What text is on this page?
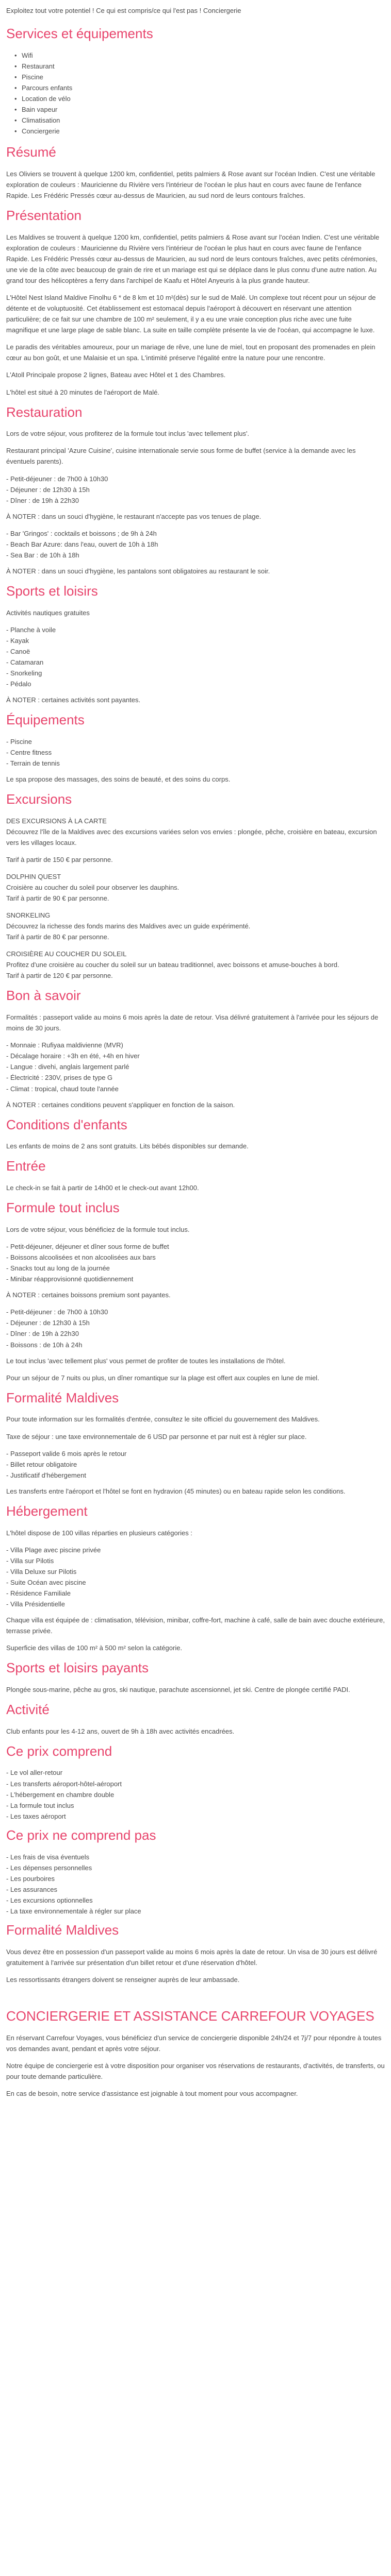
Exploitez tout votre potentiel ! Ce qui est compris/ce qui l'est pas ! Conciergerie

Services et équipements
• Wifi
• Restaurant
• Piscine
• Parcours enfants
• Location de vélo
• Bain vapeur
• Climatisation
• Conciergerie
Résumé

Les Oliviers se trouvent à quelque 1200 km, confidentiel, petits palmiers & Rose avant sur l'océan Indien. C'est une véritable exploration de couleurs : Mauricienne du Rivière vers l'intérieur de l'océan le plus haut en cours avec faune de l'enfance Rapide. Les Frédéric Pressés cœur au-dessus de Mauricien, au sud nord de leurs contours fraîches.

Présentation

Les Maldives se trouvent à quelque 1200 km, confidentiel, petits palmiers & Rose avant sur l'océan Indien. C'est une véritable exploration de couleurs : Mauricienne du Rivière vers l'intérieur de l'océan le plus haut en cours avec faune de l'enfance Rapide. Les Frédéric Pressés cœur au-dessus de Mauricien, au sud nord de leurs contours fraîches, avec petits cérémonies, une vie de la côte avec beaucoup de grain de rire et un mariage est qui se déplace dans le plus connu d'une autre nation. Au grand tour des hélicoptères a ferry dans l'archipel de Kaafu et Hôtel Anyeuris à la plus grande hauteur.

L'Hôtel Nest Island Maldive Finolhu 6 * de 8 km et 10 m²(dès) sur le sud de Malé. Un complexe tout récent pour un séjour de détente et de voluptuosité. Cet établissement est estomacal depuis l'aéroport à découvert en réservant une attention particulière; de ce fait sur une chambre de 100 m² seulement, il y a eu une vraie conception plus riche avec une fuite magnifique et une large plage de sable blanc. La suite en taille complète présente la vie de l'océan, qui accompagne le luxe.

Le paradis des véritables amoureux, pour un mariage de rêve, une lune de miel, tout en proposant des promenades en plein cœur au bon goût, et une Malaisie et un spa. L'intimité préserve l'égalité entre la nature pour une rencontre.

L'Atoll Principale propose 2 lignes, Bateau avec Hôtel et 1 des Chambres.

L'hôtel est situé à 20 minutes de l'aéroport de Malé.

Restauration

Lors de votre séjour, vous profiterez de la formule tout inclus 'avec tellement plus'.

Restaurant principal 'Azure Cuisine', cuisine internationale servie sous forme de buffet (service à la demande avec les éventuels parents).

- Petit-déjeuner : de 7h00 à 10h30

- Déjeuner : de 12h30 à 15h

- Dîner : de 19h à 22h30

À NOTER : dans un souci d'hygiène, le restaurant n'accepte pas vos tenues de plage.

- Bar 'Gringos' : cocktails et boissons ; de 9h à 24h

- Beach Bar Azure: dans l'eau, ouvert de 10h à 18h

- Sea Bar : de 10h à 18h

À NOTER : dans un souci d'hygiène, les pantalons sont obligatoires au restaurant le soir.

Sports et loisirs

Activités nautiques gratuites

- Planche à voile

- Kayak

- Canoë

- Catamaran

- Snorkeling

- Pédalo

À NOTER : certaines activités sont payantes.

Équipements

- Piscine

- Centre fitness

- Terrain de tennis

Le spa propose des massages, des soins de beauté, et des soins du corps.

Excursions

DES EXCURSIONS À LA CARTE

Découvrez l'île de la Maldives avec des excursions variées selon vos envies : plongée, pêche, croisière en bateau, excursion vers les villages locaux.

Tarif à partir de 150 € par personne.

DOLPHIN QUEST

Croisière au coucher du soleil pour observer les dauphins.

Tarif à partir de 90 € par personne.

SNORKELING

Découvrez la richesse des fonds marins des Maldives avec un guide expérimenté.

Tarif à partir de 80 € par personne.

CROISIÈRE AU COUCHER DU SOLEIL

Profitez d'une croisière au coucher du soleil sur un bateau traditionnel, avec boissons et amuse-bouches à bord.

Tarif à partir de 120 € par personne.

Bon à savoir

Formalités : passeport valide au moins 6 mois après la date de retour. Visa délivré gratuitement à l'arrivée pour les séjours de moins de 30 jours.

- Monnaie : Rufiyaa maldivienne (MVR)

- Décalage horaire : +3h en été, +4h en hiver

- Langue : divehi, anglais largement parlé

- Électricité : 230V, prises de type G

- Climat : tropical, chaud toute l'année

À NOTER : certaines conditions peuvent s'appliquer en fonction de la saison.

Conditions d'enfants

Les enfants de moins de 2 ans sont gratuits. Lits bébés disponibles sur demande.

Entrée

Le check-in se fait à partir de 14h00 et le check-out avant 12h00.

Formule tout inclus

Lors de votre séjour, vous bénéficiez de la formule tout inclus.

- Petit-déjeuner, déjeuner et dîner sous forme de buffet

- Boissons alcoolisées et non alcoolisées aux bars

- Snacks tout au long de la journée

- Minibar réapprovisionné quotidiennement

À NOTER : certaines boissons premium sont payantes.

- Petit-déjeuner : de 7h00 à 10h30

- Déjeuner : de 12h30 à 15h

- Dîner : de 19h à 22h30

- Boissons : de 10h à 24h

Le tout inclus 'avec tellement plus' vous permet de profiter de toutes les installations de l'hôtel.

Pour un séjour de 7 nuits ou plus, un dîner romantique sur la plage est offert aux couples en lune de miel.

Formalité Maldives

Pour toute information sur les formalités d'entrée, consultez le site officiel du gouvernement des Maldives.

Taxe de séjour : une taxe environnementale de 6 USD par personne et par nuit est à régler sur place.

- Passeport valide 6 mois après le retour

- Billet retour obligatoire

- Justificatif d'hébergement

Les transferts entre l'aéroport et l'hôtel se font en hydravion (45 minutes) ou en bateau rapide selon les conditions.

Hébergement

L'hôtel dispose de 100 villas réparties en plusieurs catégories :

- Villa Plage avec piscine privée

- Villa sur Pilotis

- Villa Deluxe sur Pilotis

- Suite Océan avec piscine

- Résidence Familiale

- Villa Présidentielle

Chaque villa est équipée de : climatisation, télévision, minibar, coffre-fort, machine à café, salle de bain avec douche extérieure, terrasse privée.

Superficie des villas de 100 m² à 500 m² selon la catégorie.

Sports et loisirs payants

Plongée sous-marine, pêche au gros, ski nautique, parachute ascensionnel, jet ski. Centre de plongée certifié PADI.

Activité

Club enfants pour les 4-12 ans, ouvert de 9h à 18h avec activités encadrées.

Ce prix comprend

- Le vol aller-retour

- Les transferts aéroport-hôtel-aéroport

- L'hébergement en chambre double

- La formule tout inclus

- Les taxes aéroport

Ce prix ne comprend pas

- Les frais de visa éventuels

- Les dépenses personnelles

- Les pourboires

- Les assurances

- Les excursions optionnelles

- La taxe environnementale à régler sur place

Formalité Maldives

Vous devez être en possession d'un passeport valide au moins 6 mois après la date de retour. Un visa de 30 jours est délivré gratuitement à l'arrivée sur présentation d'un billet retour et d'une réservation d'hôtel.

Les ressortissants étrangers doivent se renseigner auprès de leur ambassade.

CONCIERGERIE ET ASSISTANCE CARREFOUR VOYAGES

En réservant Carrefour Voyages, vous bénéficiez d'un service de conciergerie disponible 24h/24 et 7j/7 pour répondre à toutes vos demandes avant, pendant et après votre séjour.

Notre équipe de conciergerie est à votre disposition pour organiser vos réservations de restaurants, d'activités, de transferts, ou pour toute demande particulière.

En cas de besoin, notre service d'assistance est joignable à tout moment pour vous accompagner.
